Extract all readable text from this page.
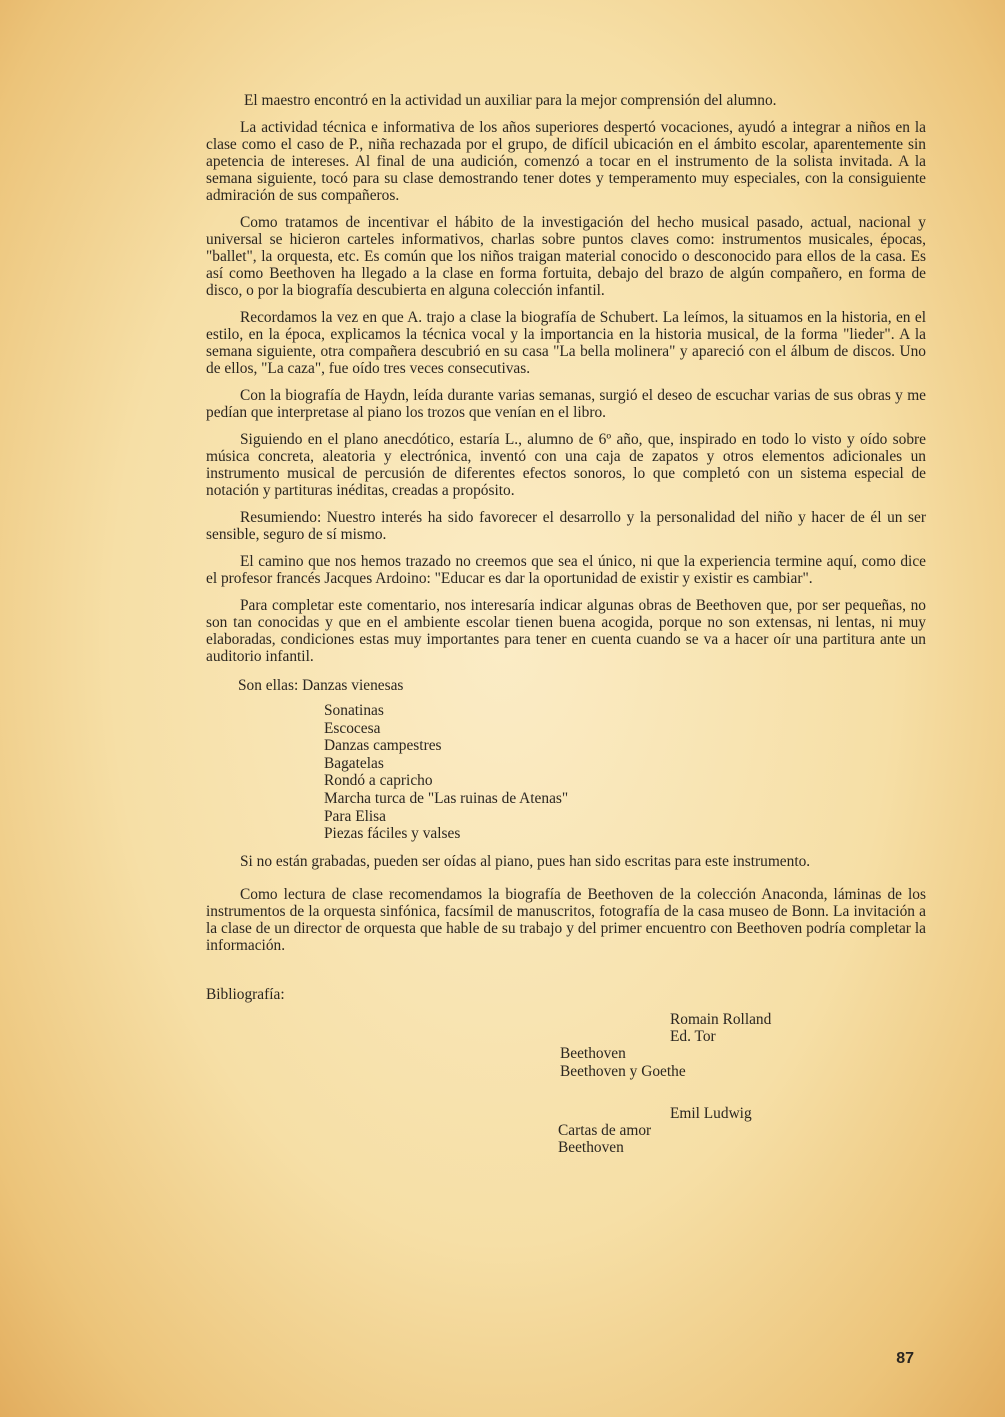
El maestro encontró en la actividad un auxiliar para la mejor comprensión del alumno.

La actividad técnica e informativa de los años superiores despertó vocaciones, ayudó a integrar a niños en la clase como el caso de P., niña rechazada por el grupo, de difícil ubicación en el ámbito escolar, aparentemente sin apetencia de intereses. Al final de una audición, comenzó a tocar en el instrumento de la solista invitada. A la semana siguiente, tocó para su clase demostrando tener dotes y temperamento muy especiales, con la consiguiente admiración de sus compañeros.

Como tratamos de incentivar el hábito de la investigación del hecho musical pasado, actual, nacional y universal se hicieron carteles informativos, charlas sobre puntos claves como: instrumentos musicales, épocas, "ballet", la orquesta, etc. Es común que los niños traigan material conocido o desconocido para ellos de la casa. Es así como Beethoven ha llegado a la clase en forma fortuita, debajo del brazo de algún compañero, en forma de disco, o por la biografía descubierta en alguna colección infantil.

Recordamos la vez en que A. trajo a clase la biografía de Schubert. La leímos, la situamos en la historia, en el estilo, en la época, explicamos la técnica vocal y la importancia en la historia musical, de la forma "lieder". A la semana siguiente, otra compañera descubrió en su casa "La bella molinera" y apareció con el álbum de discos. Uno de ellos, "La caza", fue oído tres veces consecutivas.

Con la biografía de Haydn, leída durante varias semanas, surgió el deseo de escuchar varias de sus obras y me pedían que interpretase al piano los trozos que venían en el libro.

Siguiendo en el plano anecdótico, estaría L., alumno de 6º año, que, inspirado en todo lo visto y oído sobre música concreta, aleatoria y electrónica, inventó con una caja de zapatos y otros elementos adicionales un instrumento musical de percusión de diferentes efectos sonoros, lo que completó con un sistema especial de notación y partituras inéditas, creadas a propósito.

Resumiendo: Nuestro interés ha sido favorecer el desarrollo y la personalidad del niño y hacer de él un ser sensible, seguro de sí mismo.

El camino que nos hemos trazado no creemos que sea el único, ni que la experiencia termine aquí, como dice el profesor francés Jacques Ardoino: "Educar es dar la oportunidad de existir y existir es cambiar".

Para completar este comentario, nos interesaría indicar algunas obras de Beethoven que, por ser pequeñas, no son tan conocidas y que en el ambiente escolar tienen buena acogida, porque no son extensas, ni lentas, ni muy elaboradas, condiciones estas muy importantes para tener en cuenta cuando se va a hacer oír una partitura ante un auditorio infantil.

Son ellas: Danzas vienesas

Sonatinas
Escocesa
Danzas campestres
Bagatelas
Rondó a capricho
Marcha turca de "Las ruinas de Atenas"
Para Elisa
Piezas fáciles y valses

Si no están grabadas, pueden ser oídas al piano, pues han sido escritas para este instrumento.

Como lectura de clase recomendamos la biografía de Beethoven de la colección Anaconda, láminas de los instrumentos de la orquesta sinfónica, facsímil de manuscritos, fotografía de la casa museo de Bonn. La invitación a la clase de un director de orquesta que hable de su trabajo y del primer encuentro con Beethoven podría completar la información.

Bibliografía:

Romain Rolland

Ed. Tor

Beethoven

Beethoven y Goethe

Emil Ludwig

Cartas de amor

Beethoven

87
